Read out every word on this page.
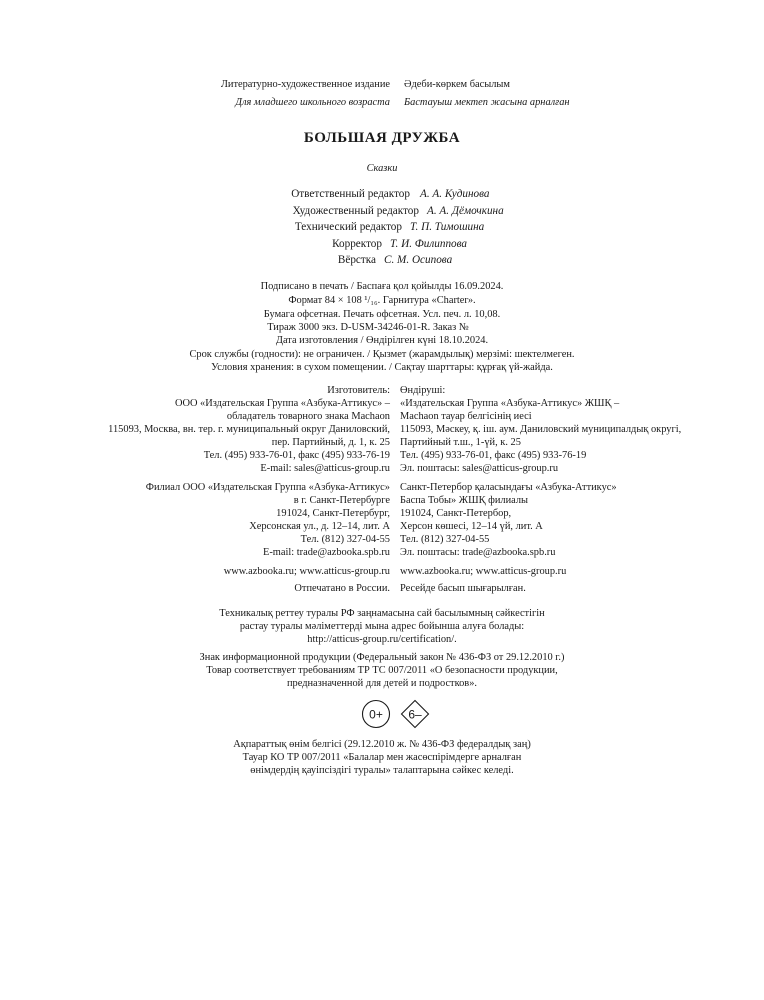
Литературно-художественное издание Әдеби-көркем басылым
Для младшего школьного возраста Бастауыш мектеп жасына арналған
БОЛЬШАЯ ДРУЖБА
Сказки
Ответственный редактор А. А. Кудинова
Художественный редактор А. А. Дёмочкина
Технический редактор Т. П. Тимошина
Корректор Т. И. Филиппова
Вёрстка С. М. Осипова
Подписано в печать / Баспаға қол қойылды 16.09.2024.
Формат 84 × 108 ¹/₁₆. Гарнитура «Charter».
Бумага офсетная. Печать офсетная. Усл. печ. л. 10,08.
Тираж 3000 экз. D-USM-34246-01-R. Заказ №
Дата изготовления / Өндірілген күні 18.10.2024.
Срок службы (годности): не ограничен. / Қызмет (жарамдылық) мерзімі: шектелмеген.
Условия хранения: в сухом помещении. / Сақтау шарттары: құрғақ үй-жайда.
Изготовитель:
ООО «Издательская Группа «Азбука-Аттикус» –
обладатель товарного знака Machaon
115093, Москва, вн. тер. г. муниципальный округ Даниловский,
пер. Партийный, д. 1, к. 25
Тел. (495) 933-76-01, факс (495) 933-76-19
E-mail: sales@atticus-group.ru
Өндіруші:
«Издательская Группа «Азбука-Аттикус» ЖШҚ –
Machaon тауар белгісінің иесі
115093, Мәскеу, қ. іш. аум. Даниловский муниципалдық округі,
Партийный т.ш., 1-үй, к. 25
Тел. (495) 933-76-01, факс (495) 933-76-19
Эл. поштасы: sales@atticus-group.ru
Филиал ООО «Издательская Группа «Азбука-Аттикус»
в г. Санкт-Петербурге
191024, Санкт-Петербург,
Херсонская ул., д. 12–14, лит. А
Тел. (812) 327-04-55
E-mail: trade@azbooka.spb.ru
Санкт-Петербор қаласындағы «Азбука-Аттикус»
Баспа Тобы» ЖШҚ филиалы
191024, Санкт-Петербор,
Херсон көшесі, 12–14 үй, лит. А
Тел. (812) 327-04-55
Эл. поштасы: trade@azbooka.spb.ru
www.azbooka.ru; www.atticus-group.ru www.azbooka.ru; www.atticus-group.ru
Отпечатано в России. Ресейде басып шығарылған.
Техникалық реттеу туралы РФ заңнамасына сай басылымның сәйкестігін
растау туралы мәліметтерді мына адрес бойынша алуға болады:
http://atticus-group.ru/certification/.
Знак информационной продукции (Федеральный закон № 436-ФЗ от 29.12.2010 г.)
Товар соответствует требованиям ТР ТС 007/2011 «О безопасности продукции,
предназначенной для детей и подростков».
0+ 6–
Ақпараттық өнім белгісі (29.12.2010 ж. № 436-ФЗ федералдық заң)
Тауар КО ТР 007/2011 «Балалар мен жасөспірімдерге арналған
өнімдердің қауіпсіздігі туралы» талаптарына сәйкес келеді.
